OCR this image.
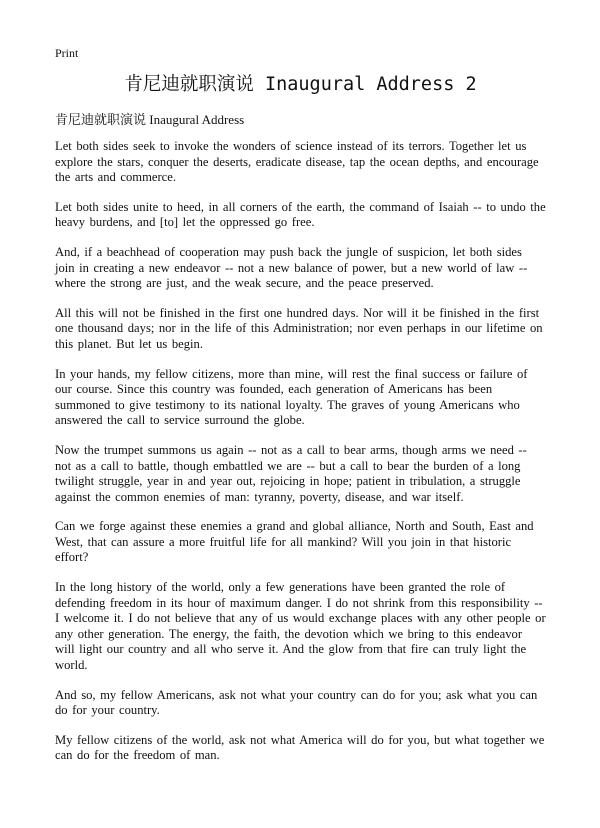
Print
肯尼迪就职演说 Inaugural Address 2
肯尼迪就职演说 Inaugural Address

Let both sides seek to invoke the wonders of science instead of its terrors. Together let us explore the stars, conquer the deserts, eradicate disease, tap the ocean depths, and encourage the arts and commerce.

Let both sides unite to heed, in all corners of the earth, the command of Isaiah -- to undo the heavy burdens, and [to] let the oppressed go free.

And, if a beachhead of cooperation may push back the jungle of suspicion, let both sides join in creating a new endeavor -- not a new balance of power, but a new world of law -- where the strong are just, and the weak secure, and the peace preserved.

All this will not be finished in the first one hundred days. Nor will it be finished in the first one thousand days; nor in the life of this Administration; nor even perhaps in our lifetime on this planet. But let us begin.

In your hands, my fellow citizens, more than mine, will rest the final success or failure of our course. Since this country was founded, each generation of Americans has been summoned to give testimony to its national loyalty. The graves of young Americans who answered the call to service surround the globe.

Now the trumpet summons us again -- not as a call to bear arms, though arms we need -- not as a call to battle, though embattled we are -- but a call to bear the burden of a long twilight struggle, year in and year out, rejoicing in hope; patient in tribulation, a struggle against the common enemies of man: tyranny, poverty, disease, and war itself.

Can we forge against these enemies a grand and global alliance, North and South, East and West, that can assure a more fruitful life for all mankind? Will you join in that historic effort?

In the long history of the world, only a few generations have been granted the role of defending freedom in its hour of maximum danger. I do not shrink from this responsibility -- I welcome it. I do not believe that any of us would exchange places with any other people or any other generation. The energy, the faith, the devotion which we bring to this endeavor will light our country and all who serve it. And the glow from that fire can truly light the world.

And so, my fellow Americans, ask not what your country can do for you; ask what you can do for your country.

My fellow citizens of the world, ask not what America will do for you, but what together we can do for the freedom of man.
